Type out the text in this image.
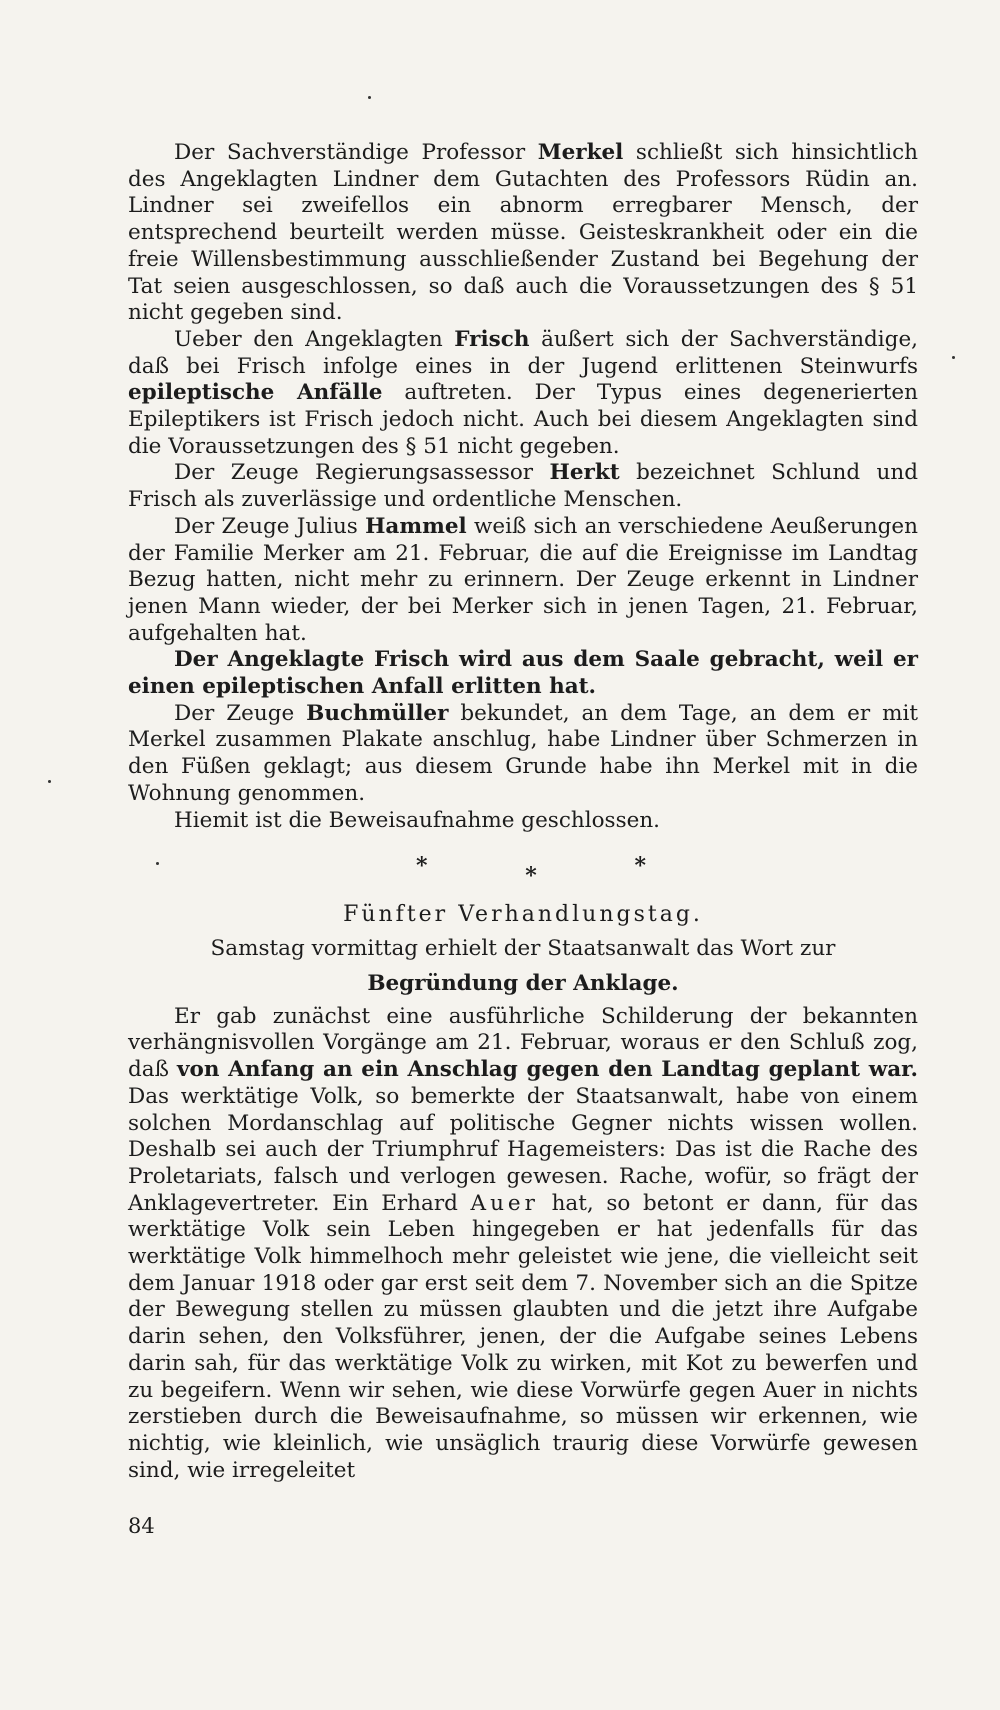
Der Sachverständige Professor Merkel schließt sich hinsichtlich des Angeklagten Lindner dem Gutachten des Professors Rüdin an. Lindner sei zweifellos ein abnorm erregbarer Mensch, der entsprechend beurteilt werden müsse. Geisteskrankheit oder ein die freie Willensbestimmung ausschließender Zustand bei Begehung der Tat seien ausgeschlossen, so daß auch die Voraussetzungen des § 51 nicht gegeben sind.

Ueber den Angeklagten Frisch äußert sich der Sachverständige, daß bei Frisch infolge eines in der Jugend erlittenen Steinwurfs epileptische Anfälle auftreten. Der Typus eines degenerierten Epileptikers ist Frisch jedoch nicht. Auch bei diesem Angeklagten sind die Voraussetzungen des § 51 nicht gegeben.

Der Zeuge Regierungsassessor Herkt bezeichnet Schlund und Frisch als zuverlässige und ordentliche Menschen.

Der Zeuge Julius Hammel weiß sich an verschiedene Aeußerungen der Familie Merker am 21. Februar, die auf die Ereignisse im Landtag Bezug hatten, nicht mehr zu erinnern. Der Zeuge erkennt in Lindner jenen Mann wieder, der bei Merker sich in jenen Tagen, 21. Februar, aufgehalten hat.

Der Angeklagte Frisch wird aus dem Saale gebracht, weil er einen epileptischen Anfall erlitten hat.

Der Zeuge Buchmüller bekundet, an dem Tage, an dem er mit Merkel zusammen Plakate anschlug, habe Lindner über Schmerzen in den Füßen geklagt; aus diesem Grunde habe ihn Merkel mit in die Wohnung genommen.

Hiemit ist die Beweisaufnahme geschlossen.

*	*	*

Fünfter Verhandlungstag.

Samstag vormittag erhielt der Staatsanwalt das Wort zur

Begründung der Anklage.

Er gab zunächst eine ausführliche Schilderung der bekannten verhängnisvollen Vorgänge am 21. Februar, woraus er den Schluß zog, daß von Anfang an ein Anschlag gegen den Landtag geplant war. Das werktätige Volk, so bemerkte der Staatsanwalt, habe von einem solchen Mordanschlag auf politische Gegner nichts wissen wollen. Deshalb sei auch der Triumphruf Hagemeisters: Das ist die Rache des Proletariats, falsch und verlogen gewesen. Rache, wofür, so frägt der Anklagevertreter. Ein Erhard Auer hat, so betont er dann, für das werktätige Volk sein Leben hingegeben er hat jedenfalls für das werktätige Volk himmelhoch mehr geleistet wie jene, die vielleicht seit dem Januar 1918 oder gar erst seit dem 7. November sich an die Spitze der Bewegung stellen zu müssen glaubten und die jetzt ihre Aufgabe darin sehen, den Volksführer, jenen, der die Aufgabe seines Lebens darin sah, für das werktätige Volk zu wirken, mit Kot zu bewerfen und zu begeifern. Wenn wir sehen, wie diese Vorwürfe gegen Auer in nichts zerstieben durch die Beweisaufnahme, so müssen wir erkennen, wie nichtig, wie kleinlich, wie unsäglich traurig diese Vorwürfe gewesen sind, wie irregeleitet

84
